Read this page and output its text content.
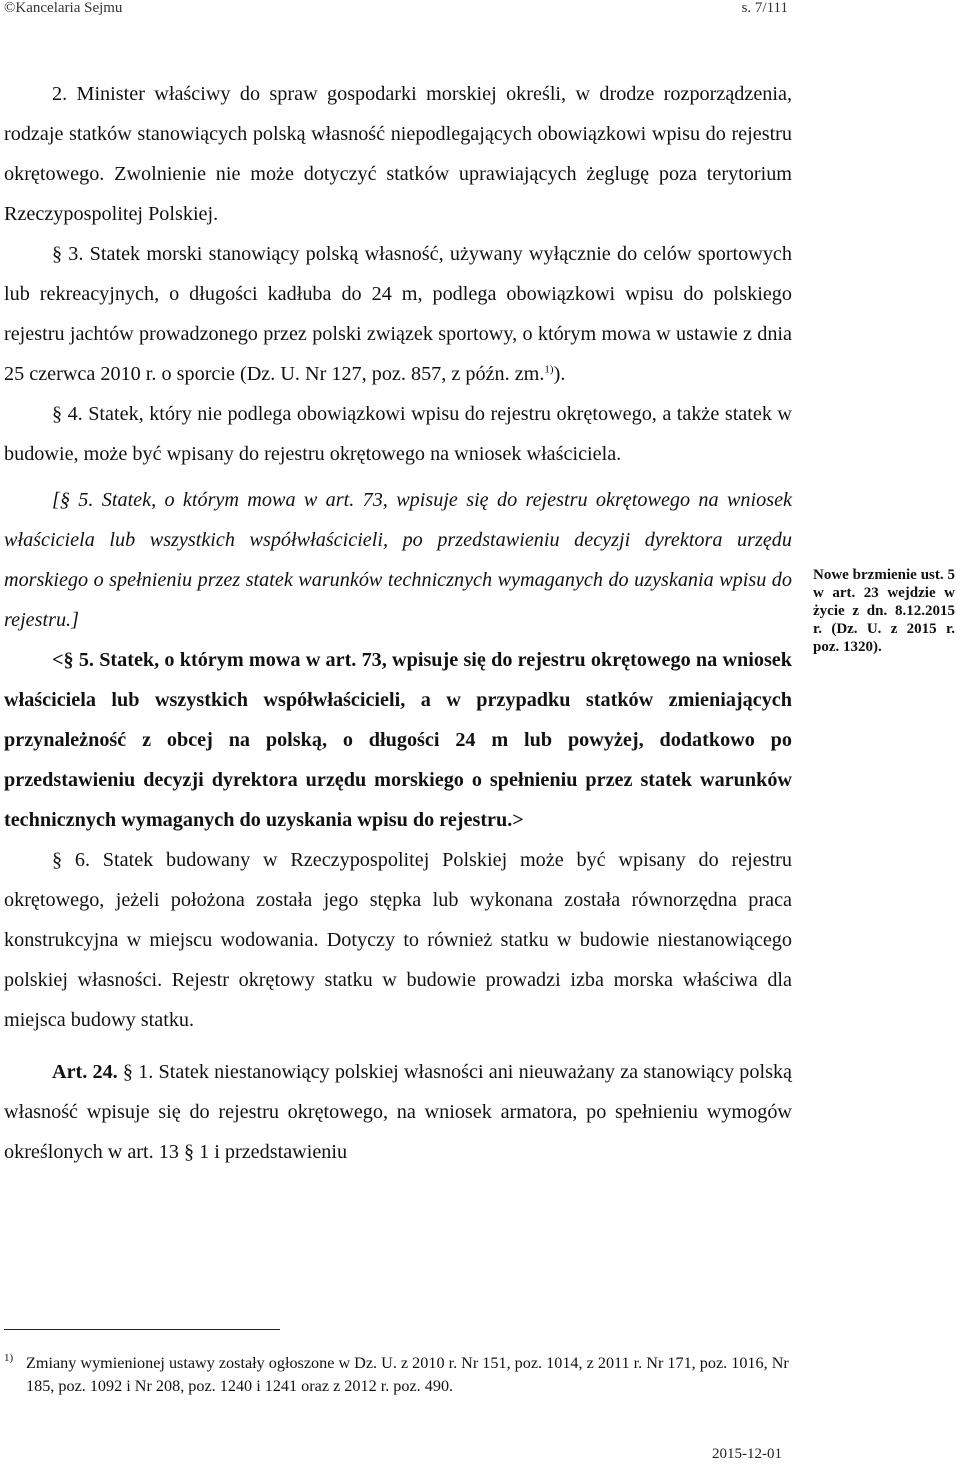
©Kancelaria Sejmu	s. 7/111

2. Minister właściwy do spraw gospodarki morskiej określi, w drodze rozporządzenia, rodzaje statków stanowiących polską własność niepodlegających obowiązkowi wpisu do rejestru okrętowego. Zwolnienie nie może dotyczyć statków uprawiających żeglugę poza terytorium Rzeczypospolitej Polskiej.

§ 3. Statek morski stanowiący polską własność, używany wyłącznie do celów sportowych lub rekreacyjnych, o długości kadłuba do 24 m, podlega obowiązkowi wpisu do polskiego rejestru jachtów prowadzonego przez polski związek sportowy, o którym mowa w ustawie z dnia 25 czerwca 2010 r. o sporcie (Dz. U. Nr 127, poz. 857, z późn. zm.$^{1)}$).

§ 4. Statek, który nie podlega obowiązkowi wpisu do rejestru okrętowego, a także statek w budowie, może być wpisany do rejestru okrętowego na wniosek właściciela.

[§ 5. Statek, o którym mowa w art. 73, wpisuje się do rejestru okrętowego na wniosek właściciela lub wszystkich współwłaścicieli, po przedstawieniu decyzji dyrektora urzędu morskiego o spełnieniu przez statek warunków technicznych wymaganych do uzyskania wpisu do rejestru.]

<§ 5. Statek, o którym mowa w art. 73, wpisuje się do rejestru okrętowego na wniosek właściciela lub wszystkich współwłaścicieli, a w przypadku statków zmieniających przynależność z obcej na polską, o długości 24 m lub powyżej, dodatkowo po przedstawieniu decyzji dyrektora urzędu morskiego o spełnieniu przez statek warunków technicznych wymaganych do uzyskania wpisu do rejestru.>

§ 6. Statek budowany w Rzeczypospolitej Polskiej może być wpisany do rejestru okrętowego, jeżeli położona została jego stępka lub wykonana została równorzędna praca konstrukcyjna w miejscu wodowania. Dotyczy to również statku w budowie niestanowiącego polskiej własności. Rejestr okrętowy statku w budowie prowadzi izba morska właściwa dla miejsca budowy statku.

Art. 24. § 1. Statek niestanowiący polskiej własności ani nieuważany za stanowiący polską własność wpisuje się do rejestru okrętowego, na wniosek armatora, po spełnieniu wymogów określonych w art. 13 § 1 i przedstawieniu

Nowe brzmienie ust. 5 w art. 23 wejdzie w życie z dn. 8.12.2015 r. (Dz. U. z 2015 r. poz. 1320).
1) Zmiany wymienionej ustawy zostały ogłoszone w Dz. U. z 2010 r. Nr 151, poz. 1014, z 2011 r. Nr 171, poz. 1016, Nr 185, poz. 1092 i Nr 208, poz. 1240 i 1241 oraz z 2012 r. poz. 490.
2015-12-01
